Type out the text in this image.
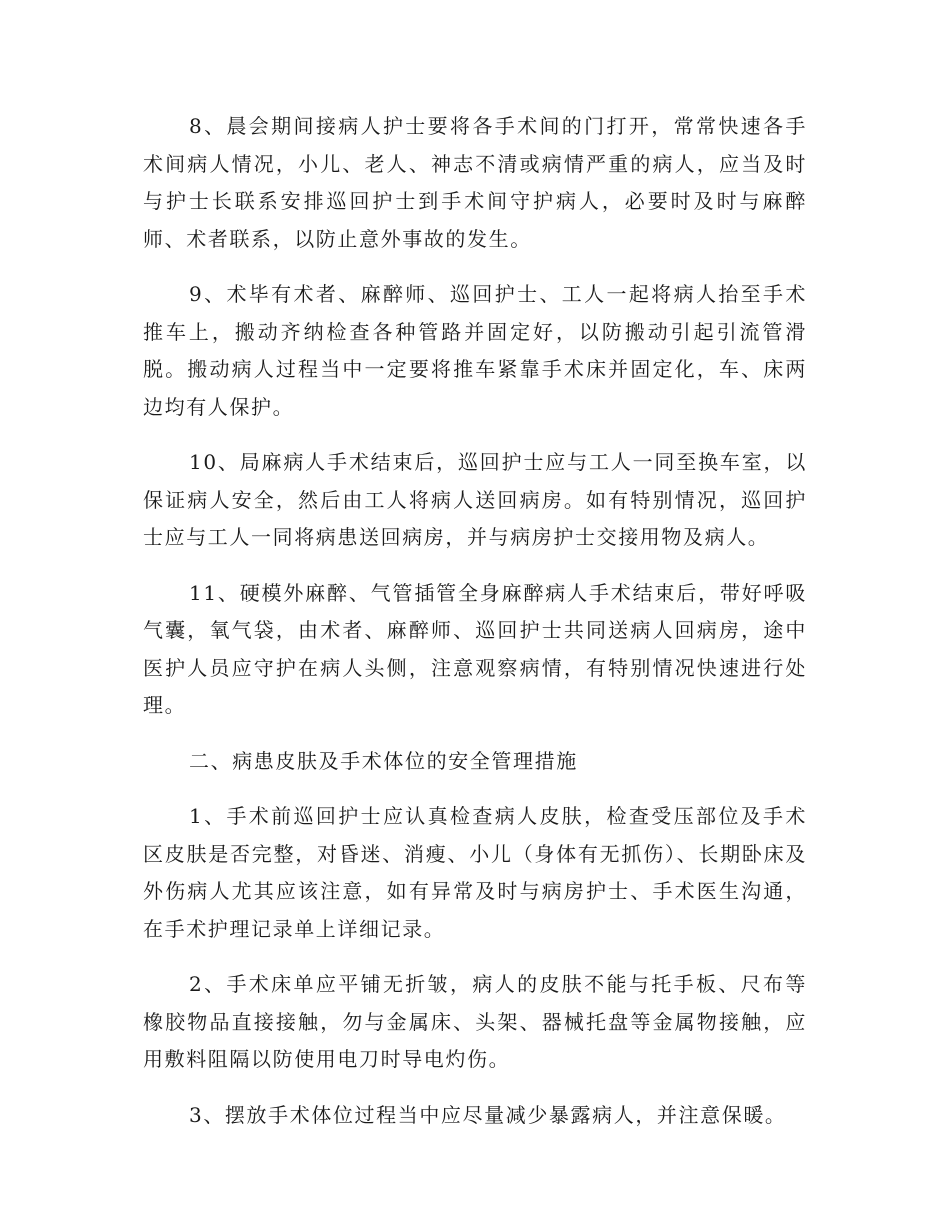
8、晨会期间接病人护士要将各手术间的门打开，常常快速各手术间病人情况，小儿、老人、神志不清或病情严重的病人，应当及时与护士长联系安排巡回护士到手术间守护病人，必要时及时与麻醉师、术者联系，以防止意外事故的发生。

9、术毕有术者、麻醉师、巡回护士、工人一起将病人抬至手术推车上，搬动齐纳检查各种管路并固定好，以防搬动引起引流管滑脱。搬动病人过程当中一定要将推车紧靠手术床并固定化，车、床两边均有人保护。

10、局麻病人手术结束后，巡回护士应与工人一同至换车室，以保证病人安全，然后由工人将病人送回病房。如有特别情况，巡回护士应与工人一同将病患送回病房，并与病房护士交接用物及病人。

11、硬模外麻醉、气管插管全身麻醉病人手术结束后，带好呼吸气囊，氧气袋，由术者、麻醉师、巡回护士共同送病人回病房，途中医护人员应守护在病人头侧，注意观察病情，有特别情况快速进行处理。

二、病患皮肤及手术体位的安全管理措施

1、手术前巡回护士应认真检查病人皮肤，检查受压部位及手术区皮肤是否完整，对昏迷、消瘦、小儿（身体有无抓伤）、长期卧床及外伤病人尤其应该注意，如有异常及时与病房护士、手术医生沟通，在手术护理记录单上详细记录。

2、手术床单应平铺无折皱，病人的皮肤不能与托手板、尺布等橡胶物品直接接触，勿与金属床、头架、器械托盘等金属物接触，应用敷料阻隔以防使用电刀时导电灼伤。

3、摆放手术体位过程当中应尽量减少暴露病人，并注意保暖。
